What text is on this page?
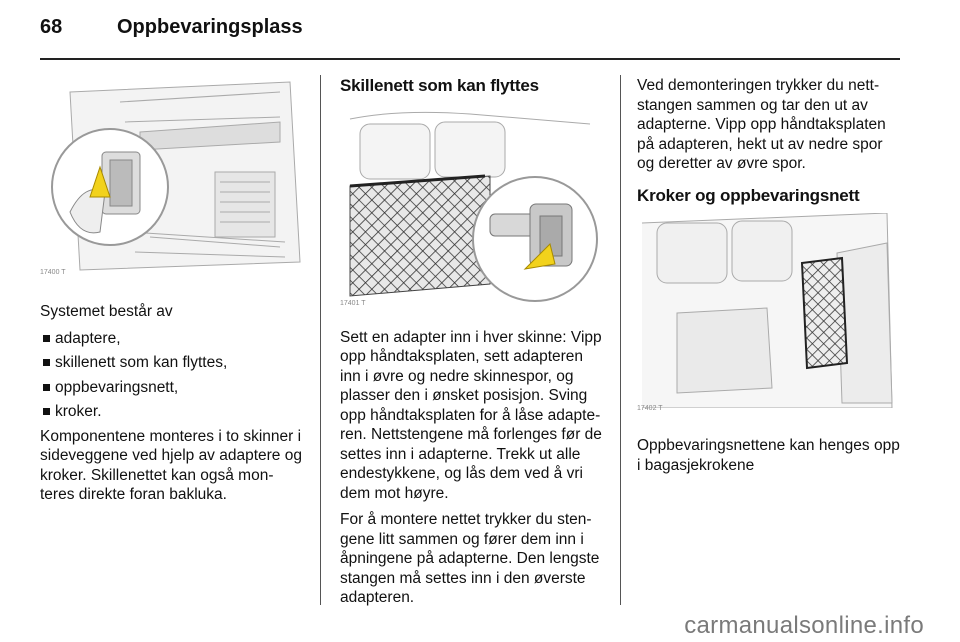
68	Oppbevaringsplass
17400 T

Systemet består av

adaptere,
skillenett som kan flyttes,
oppbevaringsnett,
kroker.

Komponentene monteres i to skinner i sideveggene ved hjelp av adaptere og kroker. Skillenettet kan også mon-teres direkte foran bakluka.

Skillenett som kan flyttes
17401 T

Sett en adapter inn i hver skinne: Vipp opp håndtaksplaten, sett adapteren inn i øvre og nedre skinnespor, og plasser den i ønsket posisjon. Sving opp håndtaksplaten for å låse adapte-ren. Nettstengene må forlenges før de settes inn i adapterne. Trekk ut alle endestykkene, og lås dem ved å vri dem mot høyre.

For å montere nettet trykker du sten-gene litt sammen og fører dem inn i åpningene på adapterne. Den lengste stangen må settes inn i den øverste adapteren.

Ved demonteringen trykker du nett-stangen sammen og tar den ut av adapterne. Vipp opp håndtaksplaten på adapteren, hekt ut av nedre spor og deretter av øvre spor.

Kroker og oppbevaringsnett
17402 T

Oppbevaringsnettene kan henges opp i bagasjekrokene

carmanualsonline.info
